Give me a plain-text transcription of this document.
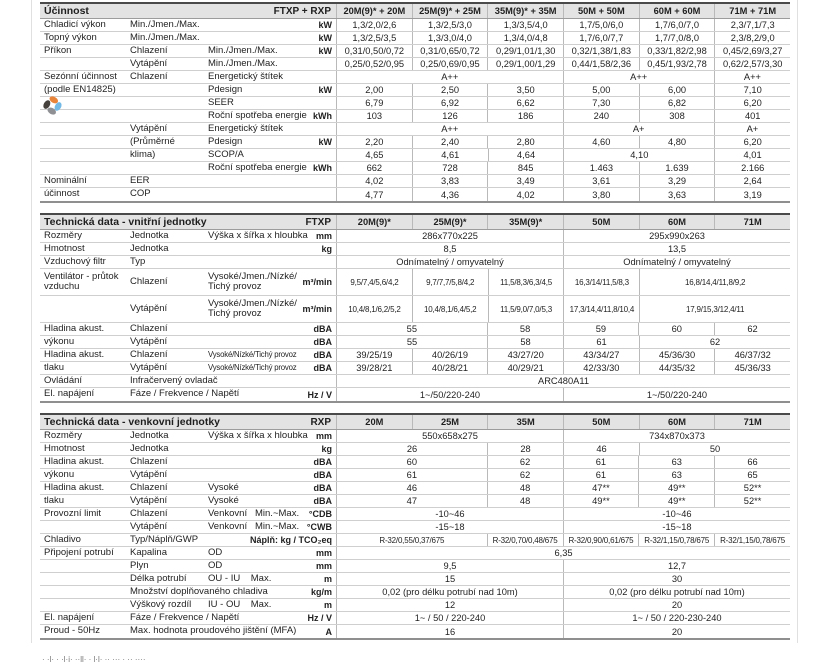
Účinnost	FTXP + RXP	20M(9)* + 20M	25M(9)* + 25M	35M(9)* + 35M	50M + 50M	60M + 60M	71M + 71M
Chladicí výkon	Min./Jmen./Max.	kW	1,3/2,0/2,6	1,3/2,5/3,0	1,3/3,5/4,0	1,7/5,0/6,0	1,7/6,0/7,0	2,3/7,1/7,3
Topný výkon	Min./Jmen./Max.	kW	1,3/2,5/3,5	1,3/3,0/4,0	1,3/4,0/4,8	1,7/6,0/7,7	1,7/7,0/8,0	2,3/8,2/9,0
Příkon	Chlazení	Min./Jmen./Max.	kW	0,31/0,50/0,72	0,31/0,65/0,72	0,29/1,01/1,30	0,32/1,38/1,83	0,33/1,82/2,98	0,45/2,69/3,27
Vytápění	Min./Jmen./Max.	0,25/0,52/0,95	0,25/0,69/0,95	0,29/1,00/1,29	0,44/1,58/2,36	0,45/1,93/2,78	0,62/2,57/3,30
Sezónní účinnost	Chlazení	Energetický štítek	A++	A++	A++
(podle EN14825)	Pdesign	kW	2,00	2,50	3,50	5,00	6,00	7,10
SEER	6,79	6,92	6,62	7,30	6,82	6,20
Roční spotřeba energie kWh	103	126	186	240	308	401
Vytápění	Energetický štítek	A++	A+	A+
(Průměrné	Pdesign	kW	2,20	2,40	2,80	4,60	4,80	6,20
klima)	SCOP/A	4,65	4,61	4,64	4,10	4,01
Roční spotřeba energie kWh	662	728	845	1.463	1.639	2.166
Nominální	EER	4,02	3,83	3,49	3,61	3,29	2,64
účinnost	COP	4,77	4,36	4,02	3,80	3,63	3,19
Technická data - vnitřní jednotky	FTXP	20M(9)*	25M(9)*	35M(9)*	50M	60M	71M
Rozměry	Jednotka	Výška x šířka x hloubka mm	286x770x225	295x990x263
Hmotnost	Jednotka	kg	8,5	13,5
Vzduchový filtr	Typ	Odnímatelný / omyvatelný	Odnímatelný / omyvatelný
Ventilátor - průtok vzduchu	Chlazení	Vysoké/Jmen./Nízké/​Tichý provoz	m³/min	9,5/7,4/5,6/4,2	9,7/7,7/5,8/4,2	11,5/8,3/6,3/4,5	16,3/14/11,5/8,3	16,8/14,4/11,8/9,2
Vytápění	Vysoké/Jmen./Nízké/​Tichý provoz	m³/min	10,4/8,1/6,2/5,2	10,4/8,1/6,4/5,2	11,5/9,0/7,0/5,3	17,3/14,4/11,8/10,4	17,9/15,3/12,4/11
Hladina akust.	Chlazení	dBA	55	58	59	60	62
výkonu	Vytápění	dBA	55	58	61	62
Hladina akust.	Chlazení	Vysoké/Nízké/Tichý provoz	dBA	39/25/19	40/26/19	43/27/20	43/34/27	45/36/30	46/37/32
tlaku	Vytápění	Vysoké/Nízké/Tichý provoz	dBA	39/28/21	40/28/21	40/29/21	42/33/30	44/35/32	45/36/33
Ovládání	Infračervený ovladač	ARC480A11
El. napájení	Fáze / Frekvence / Napětí	Hz / V	1~/50/220-240	1~/50/220-240
Technická data - venkovní jednotky	RXP	20M	25M	35M	50M	60M	71M
Rozměry	Jednotka	Výška x šířka x hloubka mm	550x658x275	734x870x373
Hmotnost	Jednotka	kg	26	28	46	50
Hladina akust.	Chlazení	dBA	60	62	61	63	66
výkonu	Vytápění	dBA	61	62	61	63	65
Hladina akust.	Chlazení	Vysoké	dBA	46	48	47**	49**	52**
tlaku	Vytápění	Vysoké	dBA	47	48	49**	49**	52**
Provozní limit	Chlazení	Venkovní   Min.~Max.	°CDB	-10~46	-10~46
Vytápění	Venkovní   Min.~Max. °CWB	-15~18	-15~18
Chladivo	Typ/Náplň/GWP	Náplň: kg / TCO₂eq	R-32/0,55/0,37/675	R-32/0,70/0,48/675	R-32/0,90/0,61/675	R-32/1,15/0,78/675	R-32/1,15/0,78/675
Připojení potrubí	Kapalina	OD	mm	6,35
Plyn	OD	mm	9,5	12,7
Délka potrubí	OU - IU    Max.	m	15	30
Množství doplňovaného chladiva	kg/m	0,02 (pro délku potrubí nad 10m)	0,02 (pro délku potrubí nad 10m)
Výškový rozdíl	IU - OU    Max.	m	12	20
El. napájení	Fáze / Frekvence / Napětí	Hz / V	1~ / 50 / 220-240	1~ / 50 / 220-230-240
Proud - 50Hz	Max. hodnota proudového jištění (MFA)	A	16	20
· ·l· · ·l·i· ··ll· · l·l· ·· ··· · ·· ····
